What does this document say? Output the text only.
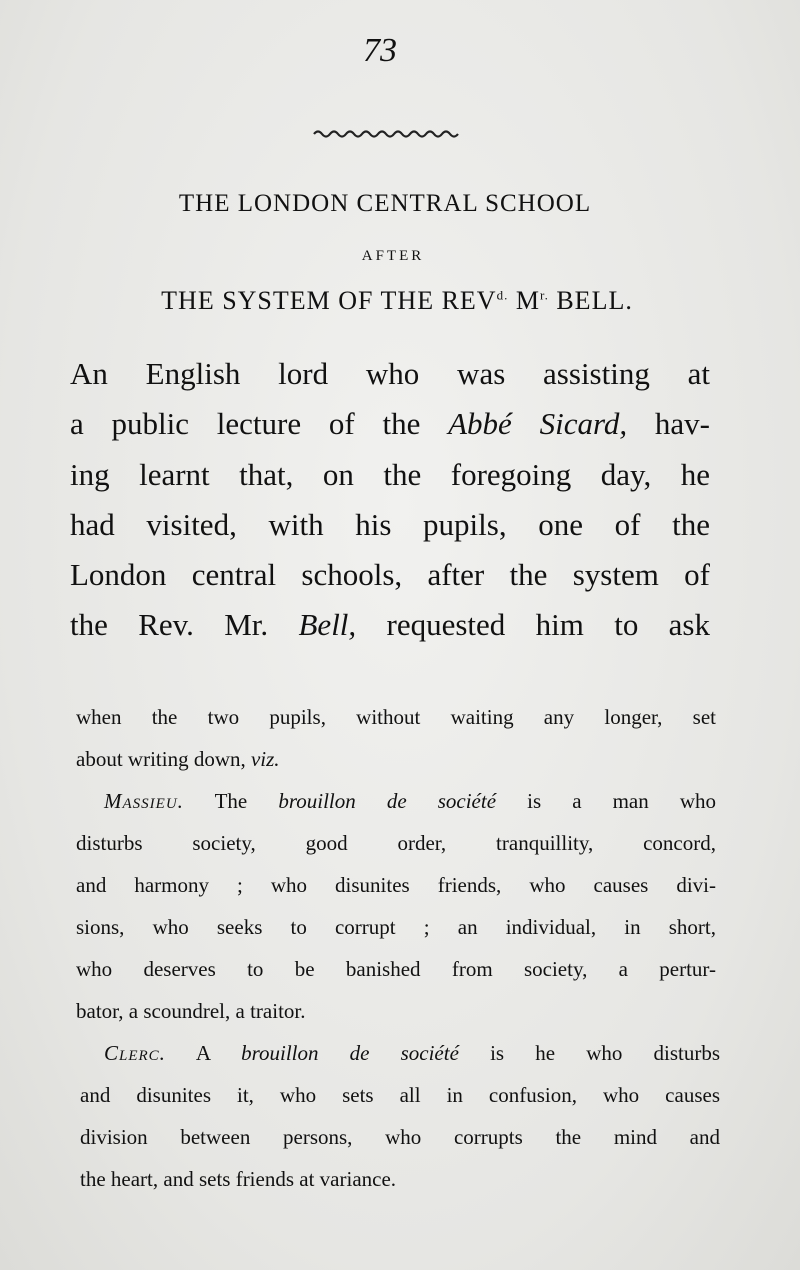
73
THE LONDON CENTRAL SCHOOL
AFTER
THE SYSTEM OF THE $REV^{d.}$ $M^{r.}$ BELL.
An English lord who was assisting at
a public lecture of the Abbé Sicard, hav-
ing learnt that, on the foregoing day, he
had visited, with his pupils, one of the
London central schools, after the system of
the Rev. Mr. Bell, requested him to ask
when the two pupils, without waiting any longer, set
about writing down, viz.
Massieu. The brouillon de société is a man who
disturbs society, good order, tranquillity, concord,
and harmony ; who disunites friends, who causes divi-
sions, who seeks to corrupt ; an individual, in short,
who deserves to be banished from society, a pertur-
bator, a scoundrel, a traitor.
Clerc. A brouillon de société is he who disturbs
and disunites it, who sets all in confusion, who causes
division between persons, who corrupts the mind and
the heart, and sets friends at variance.
